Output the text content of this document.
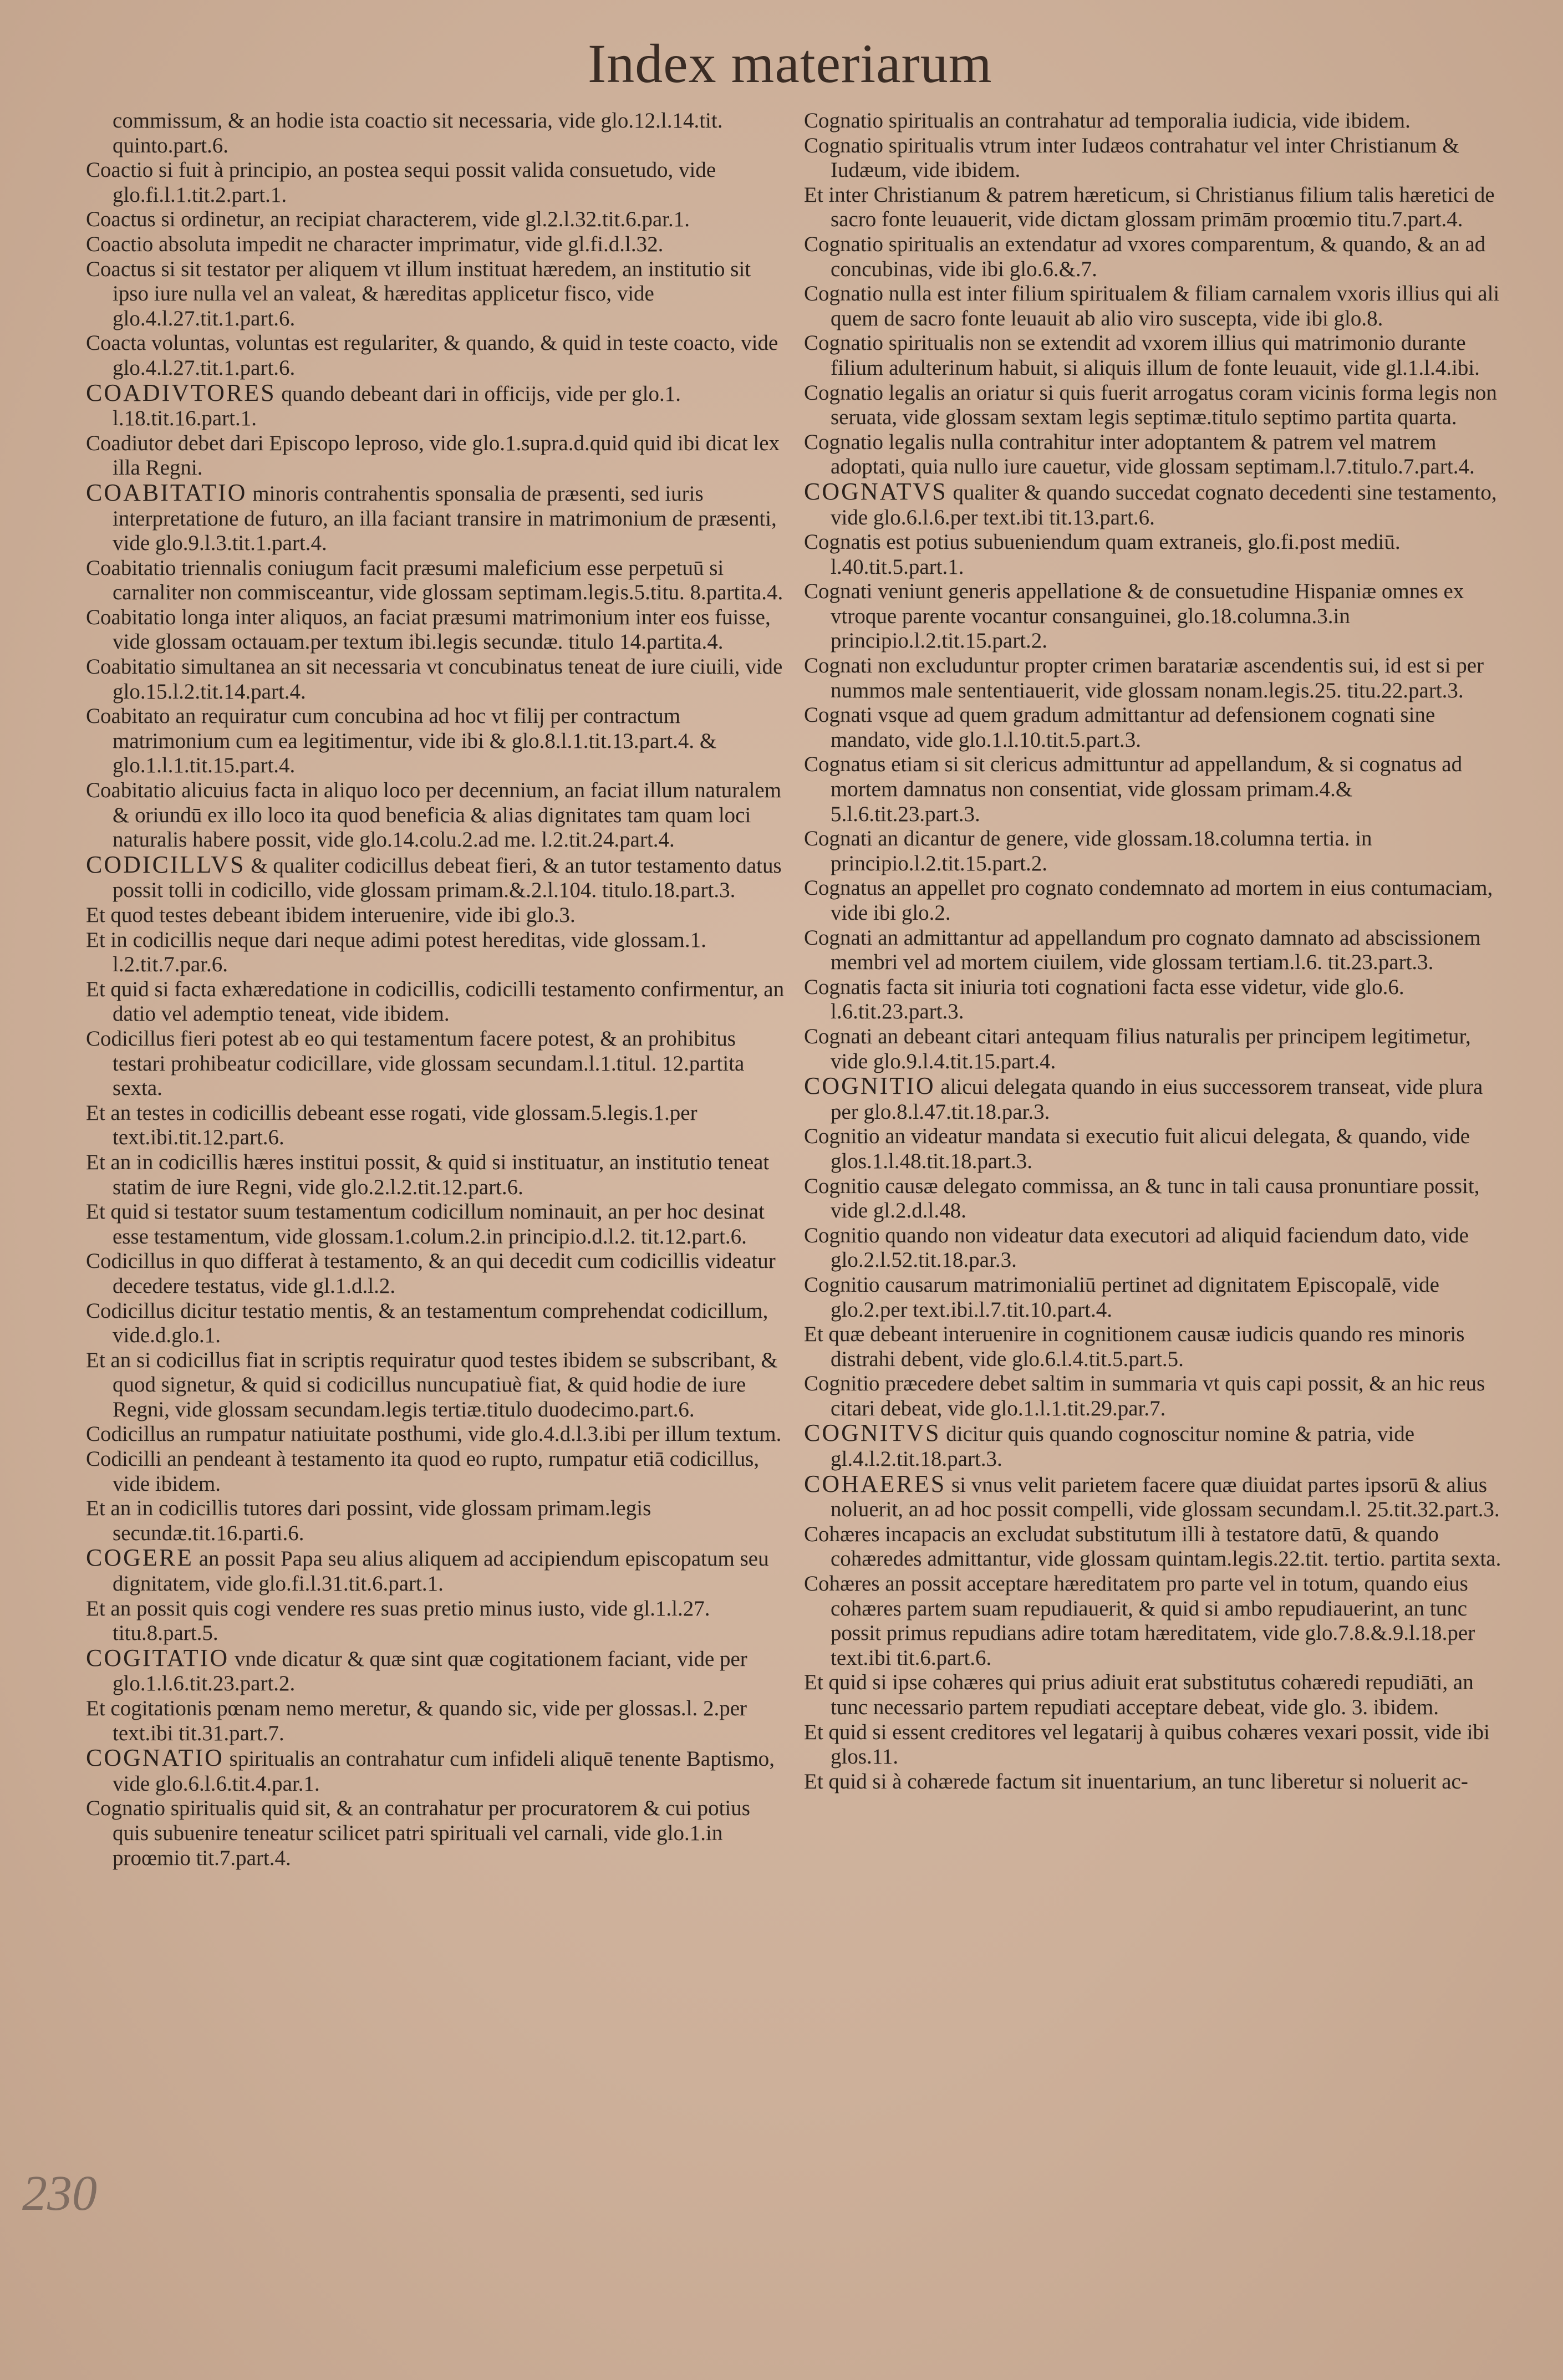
Index materiarum

commissum, & an hodie ista coactio sit necessaria, vide glo.12.l.14.tit. quinto.part.6.

Coactio si fuit à principio, an postea sequi possit valida consuetudo, vide glo.fi.l.1.tit.2.part.1.

Coactus si ordinetur, an recipiat characterem, vide gl.2.l.32.tit.6.par.1.

Coactio absoluta impedit ne character imprimatur, vide gl.fi.d.l.32.

Coactus si sit testator per aliquem vt illum instituat hæredem, an institutio sit ipso iure nulla vel an valeat, & hæreditas applicetur fisco, vide glo.4.l.27.tit.1.part.6.

Coacta voluntas, voluntas est regulariter, & quando, & quid in teste coacto, vide glo.4.l.27.tit.1.part.6.

COADIVTORES quando debeant dari in officijs, vide per glo.1. l.18.tit.16.part.1.

Coadiutor debet dari Episcopo leproso, vide glo.1.supra.d.quid quid ibi dicat lex illa Regni.

COABITATIO minoris contrahentis sponsalia de præsenti, sed iuris interpretatione de futuro, an illa faciant transire in matrimonium de præsenti, vide glo.9.l.3.tit.1.part.4.

Coabitatio triennalis coniugum facit præsumi maleficium esse perpetuū si carnaliter non commisceantur, vide glossam septimam.legis.5.titu. 8.partita.4.

Coabitatio longa inter aliquos, an faciat præsumi matrimonium inter eos fuisse, vide glossam octauam.per textum ibi.legis secundæ. titulo 14.partita.4.

Coabitatio simultanea an sit necessaria vt concubinatus teneat de iure ciuili, vide glo.15.l.2.tit.14.part.4.

Coabitato an requiratur cum concubina ad hoc vt filij per contractum matrimonium cum ea legitimentur, vide ibi & glo.8.l.1.tit.13.part.4. & glo.1.l.1.tit.15.part.4.

Coabitatio alicuius facta in aliquo loco per decennium, an faciat illum naturalem & oriundū ex illo loco ita quod beneficia & alias dignitates tam quam loci naturalis habere possit, vide glo.14.colu.2.ad me. l.2.tit.24.part.4.

CODICILLVS & qualiter codicillus debeat fieri, & an tutor testamento datus possit tolli in codicillo, vide glossam primam.&.2.l.104. titulo.18.part.3.

Et quod testes debeant ibidem interuenire, vide ibi glo.3.

Et in codicillis neque dari neque adimi potest hereditas, vide glossam.1. l.2.tit.7.par.6.

Et quid si facta exhæredatione in codicillis, codicilli testamento confirmentur, an datio vel ademptio teneat, vide ibidem.

Codicillus fieri potest ab eo qui testamentum facere potest, & an prohibitus testari prohibeatur codicillare, vide glossam secundam.l.1.titul. 12.partita sexta.

Et an testes in codicillis debeant esse rogati, vide glossam.5.legis.1.per text.ibi.tit.12.part.6.

Et an in codicillis hæres institui possit, & quid si instituatur, an institutio teneat statim de iure Regni, vide glo.2.l.2.tit.12.part.6.

Et quid si testator suum testamentum codicillum nominauit, an per hoc desinat esse testamentum, vide glossam.1.colum.2.in principio.d.l.2. tit.12.part.6.

Codicillus in quo differat à testamento, & an qui decedit cum codicillis videatur decedere testatus, vide gl.1.d.l.2.

Codicillus dicitur testatio mentis, & an testamentum comprehendat codicillum, vide.d.glo.1.

Et an si codicillus fiat in scriptis requiratur quod testes ibidem se subscribant, & quod signetur, & quid si codicillus nuncupatiuè fiat, & quid hodie de iure Regni, vide glossam secundam.legis tertiæ.titulo duodecimo.part.6.

Codicillus an rumpatur natiuitate posthumi, vide glo.4.d.l.3.ibi per illum textum.

Codicilli an pendeant à testamento ita quod eo rupto, rumpatur etiā codicillus, vide ibidem.

Et an in codicillis tutores dari possint, vide glossam primam.legis secundæ.tit.16.parti.6.

COGERE an possit Papa seu alius aliquem ad accipiendum episcopatum seu dignitatem, vide glo.fi.l.31.tit.6.part.1.

Et an possit quis cogi vendere res suas pretio minus iusto, vide gl.1.l.27. titu.8.part.5.

COGITATIO vnde dicatur & quæ sint quæ cogitationem faciant, vide per glo.1.l.6.tit.23.part.2.

Et cogitationis pœnam nemo meretur, & quando sic, vide per glossas.l. 2.per text.ibi tit.31.part.7.

COGNATIO spiritualis an contrahatur cum infideli aliquē tenente Baptismo, vide glo.6.l.6.tit.4.par.1.

Cognatio spiritualis quid sit, & an contrahatur per procuratorem & cui potius quis subuenire teneatur scilicet patri spirituali vel carnali, vide glo.1.in proœmio tit.7.part.4.

Cognatio spiritualis an contrahatur ad temporalia iudicia, vide ibidem.

Cognatio spiritualis vtrum inter Iudæos contrahatur vel inter Christianum & Iudæum, vide ibidem.

Et inter Christianum & patrem hæreticum, si Christianus filium talis hæretici de sacro fonte leuauerit, vide dictam glossam primām proœmio titu.7.part.4.

Cognatio spiritualis an extendatur ad vxores comparentum, & quando, & an ad concubinas, vide ibi glo.6.&.7.

Cognatio nulla est inter filium spiritualem & filiam carnalem vxoris illius qui ali quem de sacro fonte leuauit ab alio viro suscepta, vide ibi glo.8.

Cognatio spiritualis non se extendit ad vxorem illius qui matrimonio durante filium adulterinum habuit, si aliquis illum de fonte leuauit, vide gl.1.l.4.ibi.

Cognatio legalis an oriatur si quis fuerit arrogatus coram vicinis forma legis non seruata, vide glossam sextam legis septimæ.titulo septimo partita quarta.

Cognatio legalis nulla contrahitur inter adoptantem & patrem vel matrem adoptati, quia nullo iure cauetur, vide glossam septimam.l.7.titulo.7.part.4.

COGNATVS qualiter & quando succedat cognato decedenti sine testamento, vide glo.6.l.6.per text.ibi tit.13.part.6.

Cognatis est potius subueniendum quam extraneis, glo.fi.post mediū. l.40.tit.5.part.1.

Cognati veniunt generis appellatione & de consuetudine Hispaniæ omnes ex vtroque parente vocantur consanguinei, glo.18.columna.3.in principio.l.2.tit.15.part.2.

Cognati non excluduntur propter crimen baratariæ ascendentis sui, id est si per nummos male sententiauerit, vide glossam nonam.legis.25. titu.22.part.3.

Cognati vsque ad quem gradum admittantur ad defensionem cognati sine mandato, vide glo.1.l.10.tit.5.part.3.

Cognatus etiam si sit clericus admittuntur ad appellandum, & si cognatus ad mortem damnatus non consentiat, vide glossam primam.4.& 5.l.6.tit.23.part.3.

Cognati an dicantur de genere, vide glossam.18.columna tertia. in principio.l.2.tit.15.part.2.

Cognatus an appellet pro cognato condemnato ad mortem in eius contumaciam, vide ibi glo.2.

Cognati an admittantur ad appellandum pro cognato damnato ad abscissionem membri vel ad mortem ciuilem, vide glossam tertiam.l.6. tit.23.part.3.

Cognatis facta sit iniuria toti cognationi facta esse videtur, vide glo.6. l.6.tit.23.part.3.

Cognati an debeant citari antequam filius naturalis per principem legitimetur, vide glo.9.l.4.tit.15.part.4.

COGNITIO alicui delegata quando in eius successorem transeat, vide plura per glo.8.l.47.tit.18.par.3.

Cognitio an videatur mandata si executio fuit alicui delegata, & quando, vide glos.1.l.48.tit.18.part.3.

Cognitio causæ delegato commissa, an & tunc in tali causa pronuntiare possit, vide gl.2.d.l.48.

Cognitio quando non videatur data executori ad aliquid faciendum dato, vide glo.2.l.52.tit.18.par.3.

Cognitio causarum matrimonialiū pertinet ad dignitatem Episcopalē, vide glo.2.per text.ibi.l.7.tit.10.part.4.

Et quæ debeant interuenire in cognitionem causæ iudicis quando res minoris distrahi debent, vide glo.6.l.4.tit.5.part.5.

Cognitio præcedere debet saltim in summaria vt quis capi possit, & an hic reus citari debeat, vide glo.1.l.1.tit.29.par.7.

COGNITVS dicitur quis quando cognoscitur nomine & patria, vide gl.4.l.2.tit.18.part.3.

COHAERES si vnus velit parietem facere quæ diuidat partes ipsorū & alius noluerit, an ad hoc possit compelli, vide glossam secundam.l. 25.tit.32.part.3.

Cohæres incapacis an excludat substitutum illi à testatore datū, & quando cohæredes admittantur, vide glossam quintam.legis.22.tit. tertio. partita sexta.

Cohæres an possit acceptare hæreditatem pro parte vel in totum, quando eius cohæres partem suam repudiauerit, & quid si ambo repudiauerint, an tunc possit primus repudians adire totam hæreditatem, vide glo.7.8.&.9.l.18.per text.ibi tit.6.part.6.

Et quid si ipse cohæres qui prius adiuit erat substitutus cohæredi repudiāti, an tunc necessario partem repudiati acceptare debeat, vide glo. 3. ibidem.

Et quid si essent creditores vel legatarij à quibus cohæres vexari possit, vide ibi glos.11.

Et quid si à cohærede factum sit inuentarium, an tunc liberetur si noluerit ac-

230
